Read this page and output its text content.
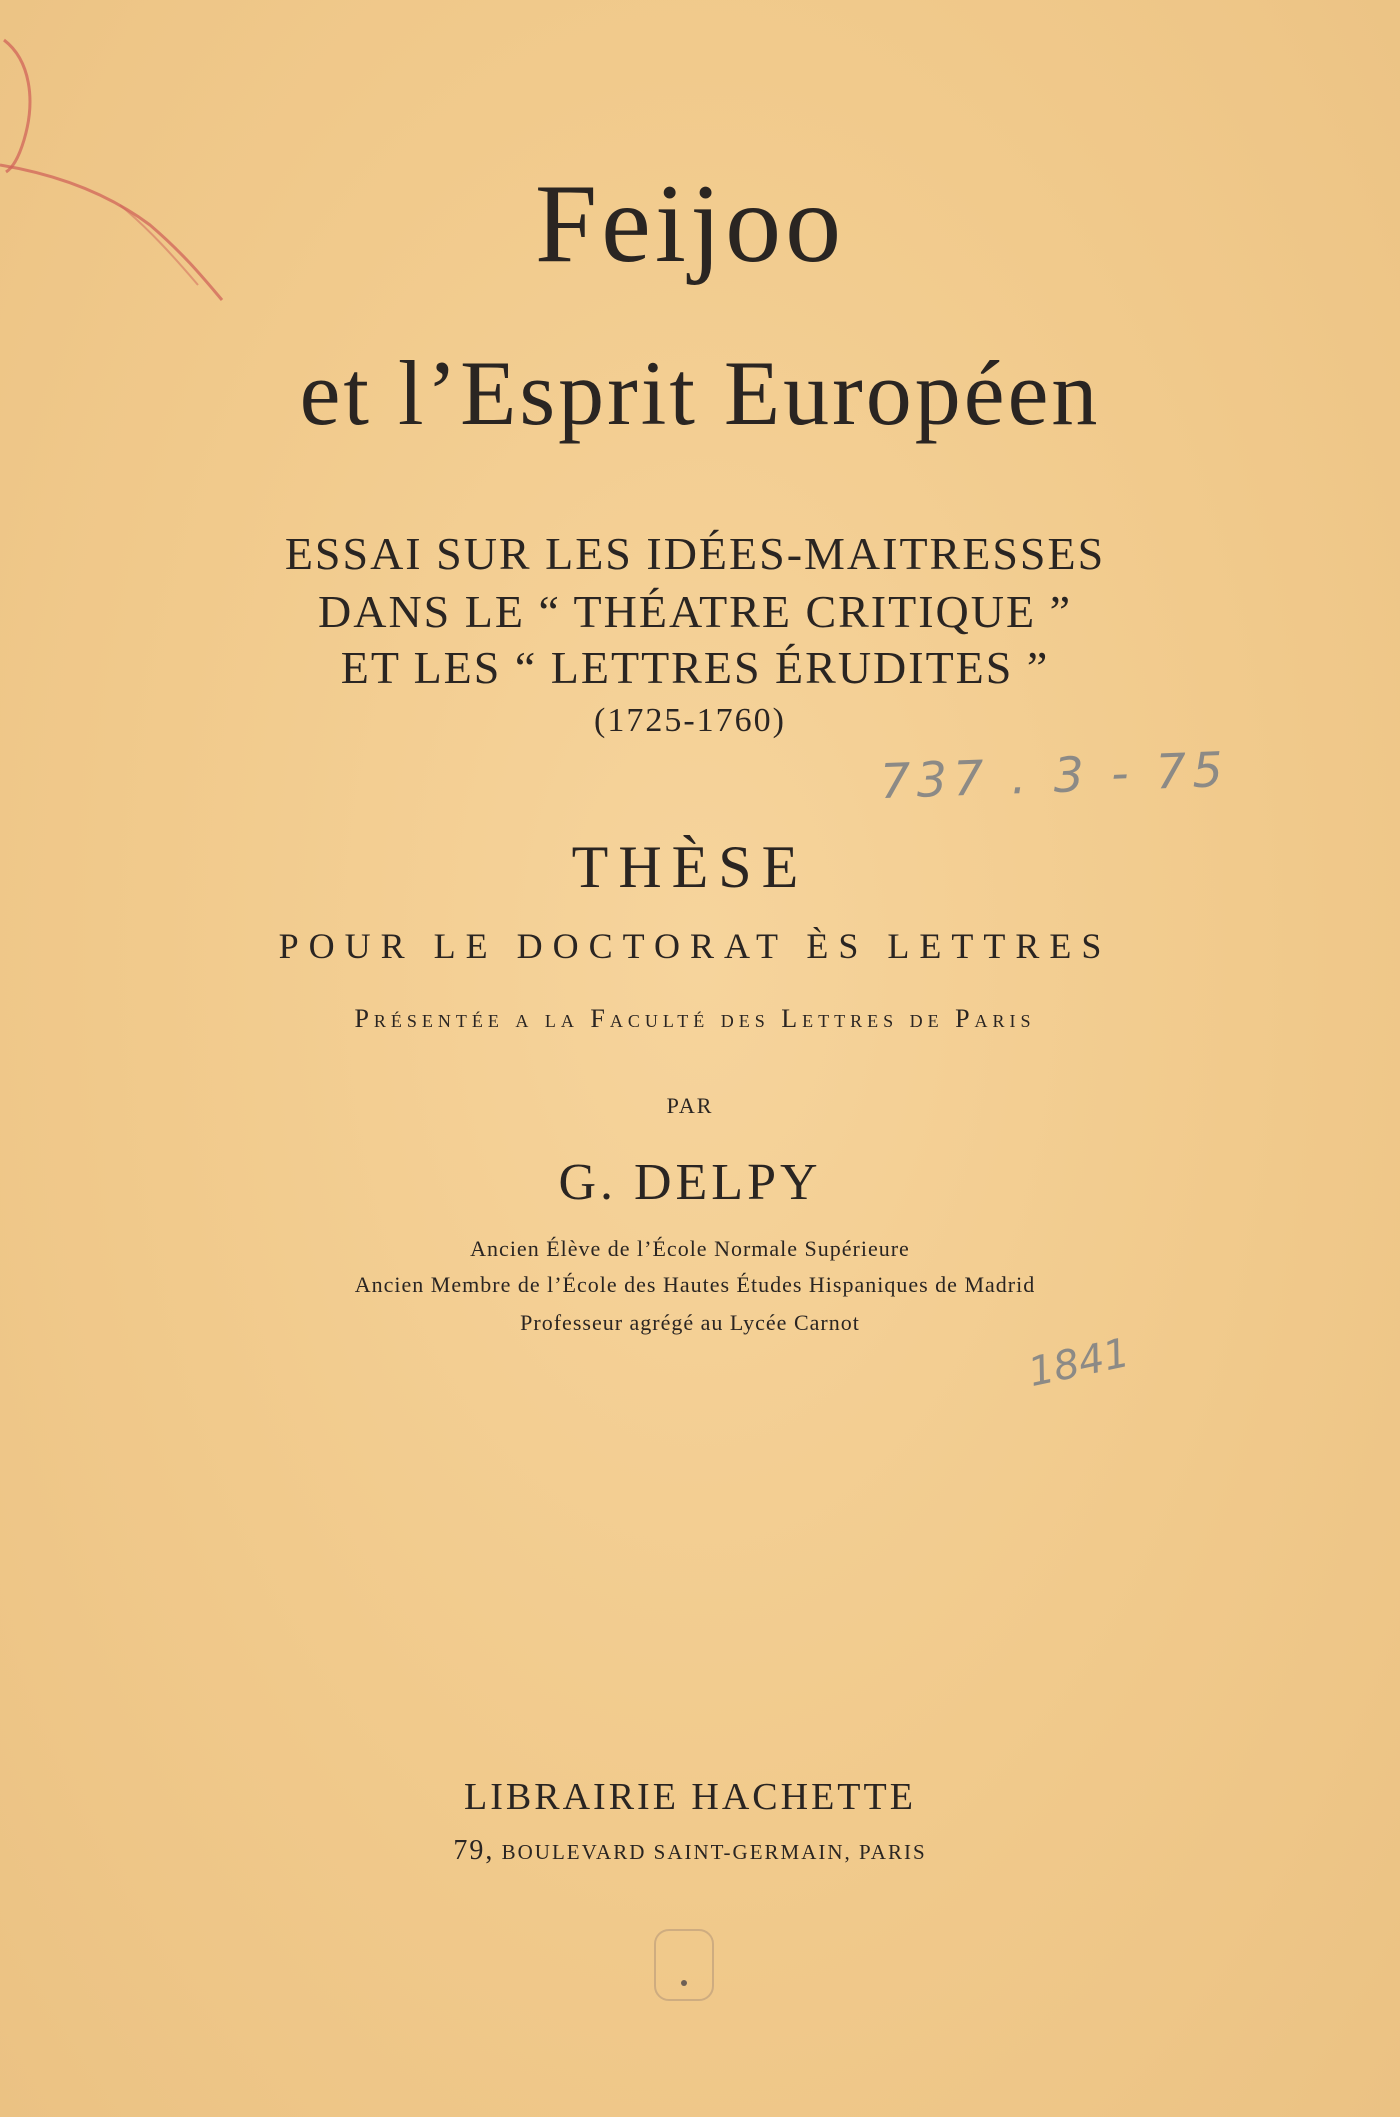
Feijoo
et l’Esprit Européen
ESSAI SUR LES IDÉES-MAITRESSES
DANS LE “ THÉATRE CRITIQUE ”
ET LES “ LETTRES ÉRUDITES ”
(1725-1760)
737 . 3 - 75
THÈSE
POUR LE DOCTORAT ÈS LETTRES
Présentée a la Faculté des Lettres de Paris
PAR
G. DELPY
Ancien Élève de l’École Normale Supérieure
Ancien Membre de l’École des Hautes Études Hispaniques de Madrid
Professeur agrégé au Lycée Carnot
1841
LIBRAIRIE HACHETTE
79, BOULEVARD SAINT-GERMAIN, PARIS
